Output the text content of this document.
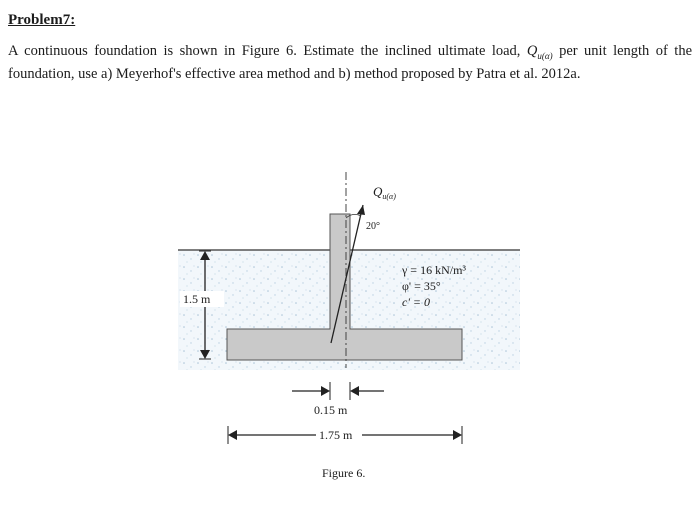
Problem7:
A continuous foundation is shown in Figure 6. Estimate the inclined ultimate load, $Q_{u(\alpha)}$ per unit length of the foundation, use a) Meyerhof's effective area method and b) method proposed by Patra et al. 2012a.
$Q_{u(\alpha)}$
20°
1.5 m
γ = 16 kN/m³
φ' = 35°
c' = 0
0.15 m
1.75 m
Figure 6.
